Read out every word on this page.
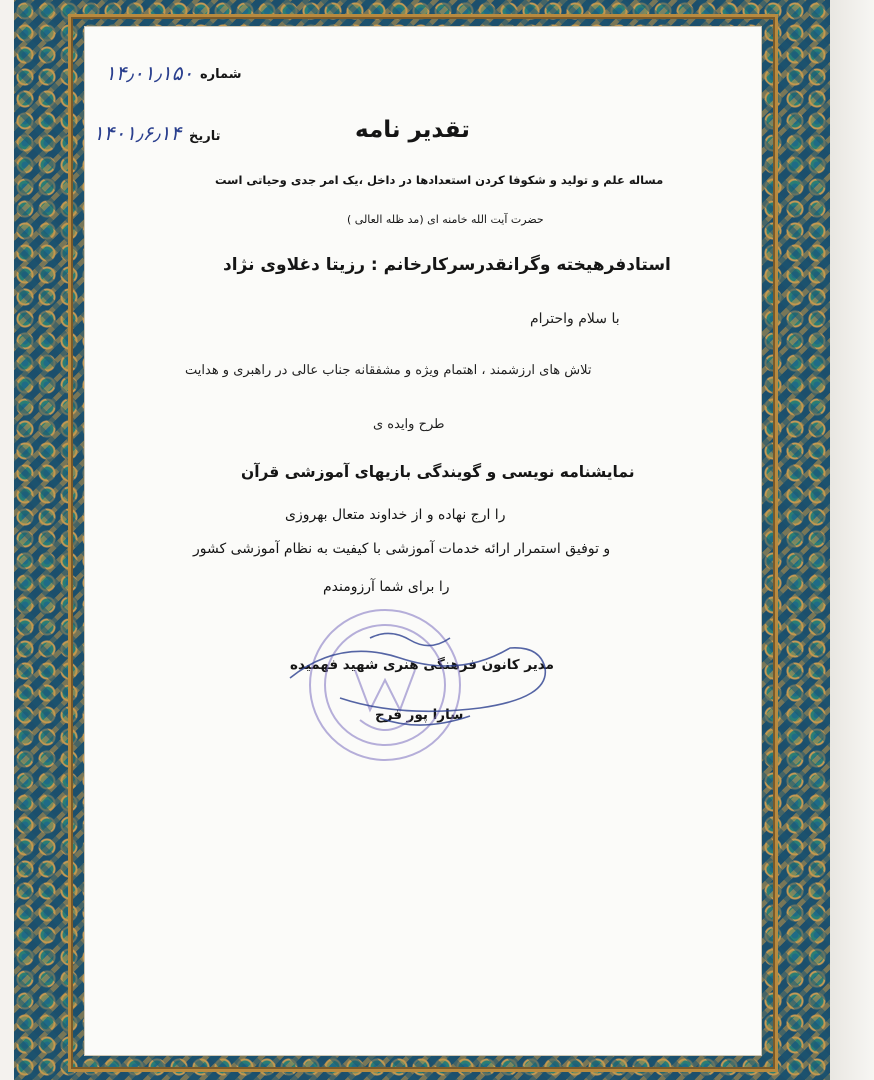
شماره
۱۴٫۰۱٫۱۵۰
تاریخ
۱۴۰۱٫۶٫۱۴	تقدیر نامه
مساله علم و تولید و شکوفا کردن استعدادها در داخل ،یک امر جدی وحیاتی است
حضرت آیت الله خامنه ای (مد ظله العالی )
استادفرهیخته وگرانقدرسرکارخانم : رزیتا دغلاوی نژاد
با سلام واحترام
تلاش های ارزشمند ، اهتمام ویژه و مشفقانه جناب عالی در راهبری و هدایت
طرح وایده ی
نمایشنامه نویسی و گویندگی بازیهای آموزشی قرآن
را ارج نهاده و از خداوند متعال بهروزی
و توفیق استمرار ارائه خدمات آموزشی با کیفیت به نظام آموزشی کشور
را برای شما آرزومندم
مدیر کانون فرهنگی هنری شهید فهمیده
سارا پور فرح
